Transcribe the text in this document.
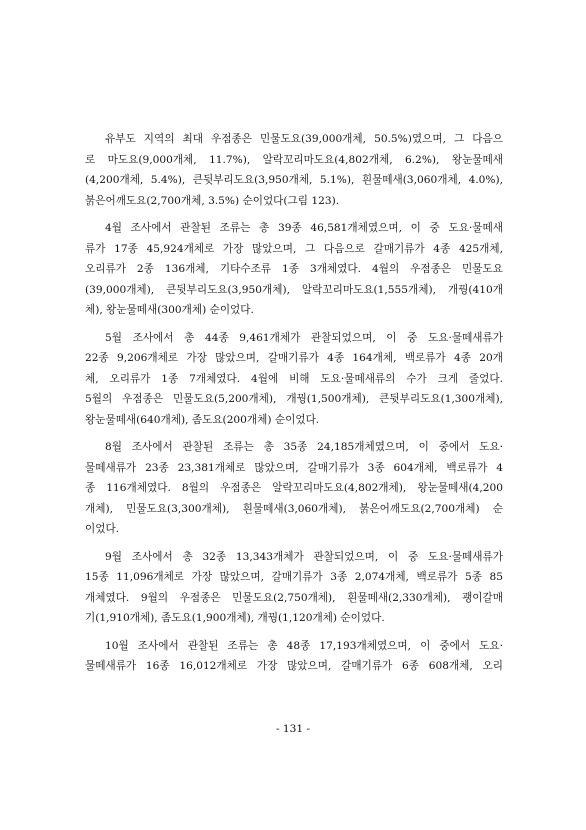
유부도 지역의 최대 우점종은 민물도요(39,000개체, 50.5%)였으며, 그 다음으
로 마도요(9,000개체, 11.7%), 알락꼬리마도요(4,802개체, 6.2%), 왕눈물떼새
(4,200개체, 5.4%), 큰뒷부리도요(3,950개체, 5.1%), 흰물떼새(3,060개체, 4.0%),
붉은어깨도요(2,700개체, 3.5%) 순이었다(그림 123).

4월 조사에서 관찰된 조류는 총 39종 46,581개체였으며, 이 중 도요·물떼새
류가 17종 45,924개체로 가장 많았으며, 그 다음으로 갈매기류가 4종 425개체,
오리류가 2종 136개체, 기타수조류 1종 3개체였다. 4월의 우점종은 민물도요
(39,000개체), 큰뒷부리도요(3,950개체), 알락꼬리마도요(1,555개체), 개꿩(410개
체), 왕눈물떼새(300개체) 순이었다.

5월 조사에서 총 44종 9,461개체가 관찰되었으며, 이 중 도요·물떼새류가
22종 9,206개체로 가장 많았으며, 갈매기류가 4종 164개체, 백로류가 4종 20개
체, 오리류가 1종 7개체였다. 4월에 비해 도요·물떼새류의 수가 크게 줄었다.
5월의 우점종은 민물도요(5,200개체), 개꿩(1,500개체), 큰뒷부리도요(1,300개체),
왕눈물떼새(640개체), 좀도요(200개체) 순이었다.

8월 조사에서 관찰된 조류는 총 35종 24,185개체였으며, 이 중에서 도요·
물떼새류가 23종 23,381개체로 많았으며, 갈매기류가 3종 604개체, 백로류가 4
종 116개체였다. 8월의 우점종은 알락꼬리마도요(4,802개체), 왕눈물떼새(4,200
개체), 민물도요(3,300개체), 흰물떼새(3,060개체), 붉은어깨도요(2,700개체) 순
이었다.

9월 조사에서 총 32종 13,343개체가 관찰되었으며, 이 중 도요·물떼새류가
15종 11,096개체로 가장 많았으며, 갈매기류가 3종 2,074개체, 백로류가 5종 85
개체였다. 9월의 우점종은 민물도요(2,750개체), 흰물떼새(2,330개체), 괭이갈매
기(1,910개체), 좀도요(1,900개체), 개꿩(1,120개체) 순이었다.

10월 조사에서 관찰된 조류는 총 48종 17,193개체였으며, 이 중에서 도요·
물떼새류가 16종 16,012개체로 가장 많았으며, 갈매기류가 6종 608개체, 오리

- 131 -
